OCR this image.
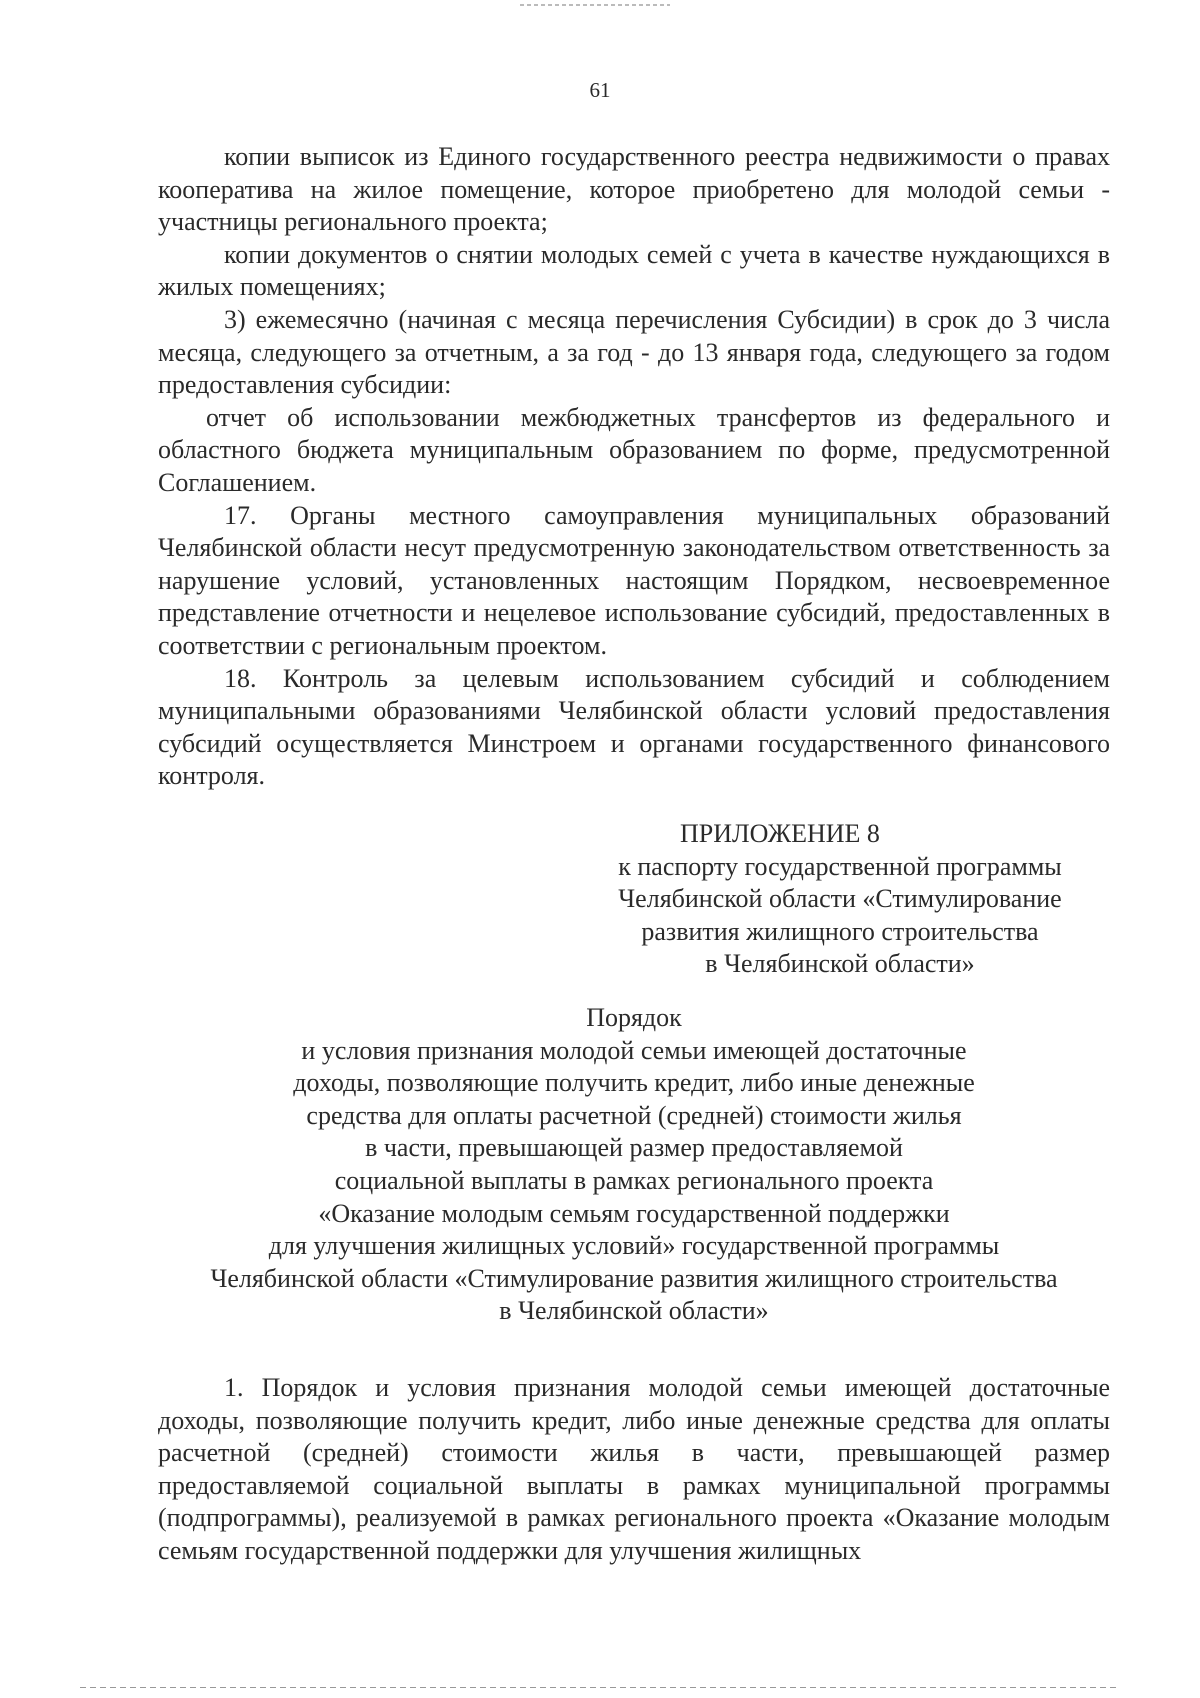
61

копии выписок из Единого государственного реестра недвижимости о правах кооператива на жилое помещение, которое приобретено для молодой семьи - участницы регионального проекта;

копии документов о снятии молодых семей с учета в качестве нуждающихся в жилых помещениях;

3) ежемесячно (начиная с месяца перечисления Субсидии) в срок до 3 числа месяца, следующего за отчетным, а за год - до 13 января года, следующего за годом предоставления субсидии:

отчет об использовании межбюджетных трансфертов из федерального и областного бюджета муниципальным образованием по форме, предусмотренной Соглашением.

17. Органы местного самоуправления муниципальных образований Челябинской области несут предусмотренную законодательством ответственность за нарушение условий, установленных настоящим Порядком, несвоевременное представление отчетности и нецелевое использование субсидий, предоставленных в соответствии с региональным проектом.

18. Контроль за целевым использованием субсидий и соблюдением муниципальными образованиями Челябинской области условий предоставления субсидий осуществляется Минстроем и органами государственного финансового контроля.

ПРИЛОЖЕНИЕ 8
к паспорту государственной программы
Челябинской области «Стимулирование
развития жилищного строительства
в Челябинской области»
Порядок
и условия признания молодой семьи имеющей достаточные
доходы, позволяющие получить кредит, либо иные денежные
средства для оплаты расчетной (средней) стоимости жилья
в части, превышающей размер предоставляемой
социальной выплаты в рамках регионального проекта
«Оказание молодым семьям государственной поддержки
для улучшения жилищных условий» государственной программы
Челябинской области «Стимулирование развития жилищного строительства
в Челябинской области»

1. Порядок и условия признания молодой семьи имеющей достаточные доходы, позволяющие получить кредит, либо иные денежные средства для оплаты расчетной (средней) стоимости жилья в части, превышающей размер предоставляемой социальной выплаты в рамках муниципальной программы (подпрограммы), реализуемой в рамках регионального проекта «Оказание молодым семьям государственной поддержки для улучшения жилищных
